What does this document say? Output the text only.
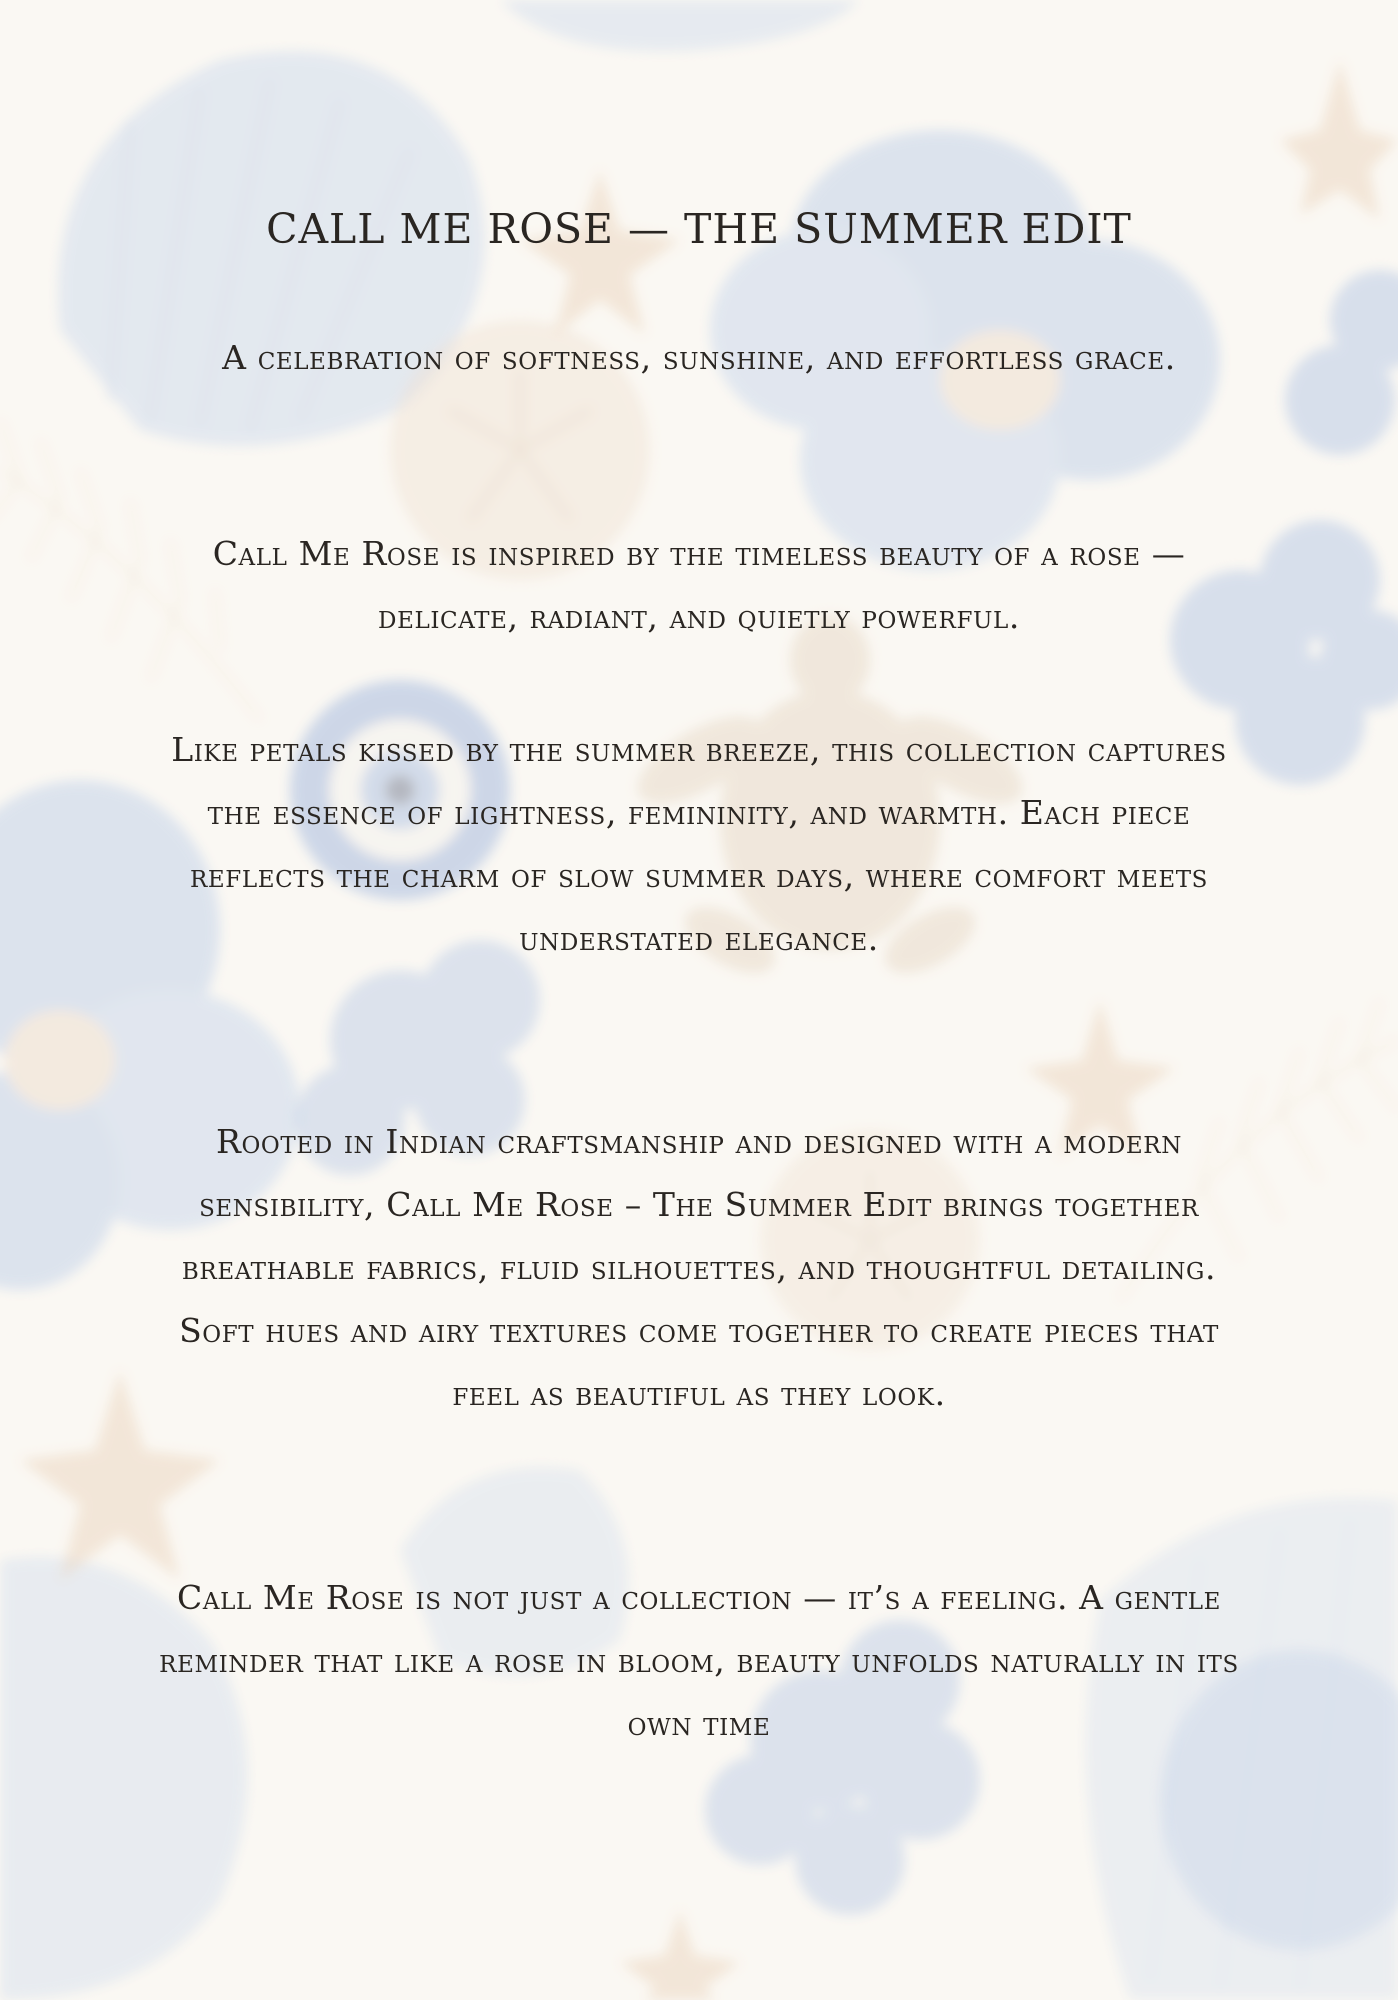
CALL ME ROSE — THE SUMMER EDIT

A celebration of softness, sunshine, and effortless grace.

Call Me Rose is inspired by the timeless beauty of a rose — delicate, radiant, and quietly powerful.

Like petals kissed by the summer breeze, this collection captures the essence of lightness, femininity, and warmth. Each piece reflects the charm of slow summer days, where comfort meets understated elegance.

Rooted in Indian craftsmanship and designed with a modern sensibility, Call Me Rose – The Summer Edit brings together breathable fabrics, fluid silhouettes, and thoughtful detailing. Soft hues and airy textures come together to create pieces that feel as beautiful as they look.

Call Me Rose is not just a collection — it’s a feeling. A gentle reminder that like a rose in bloom, beauty unfolds naturally in its own time
